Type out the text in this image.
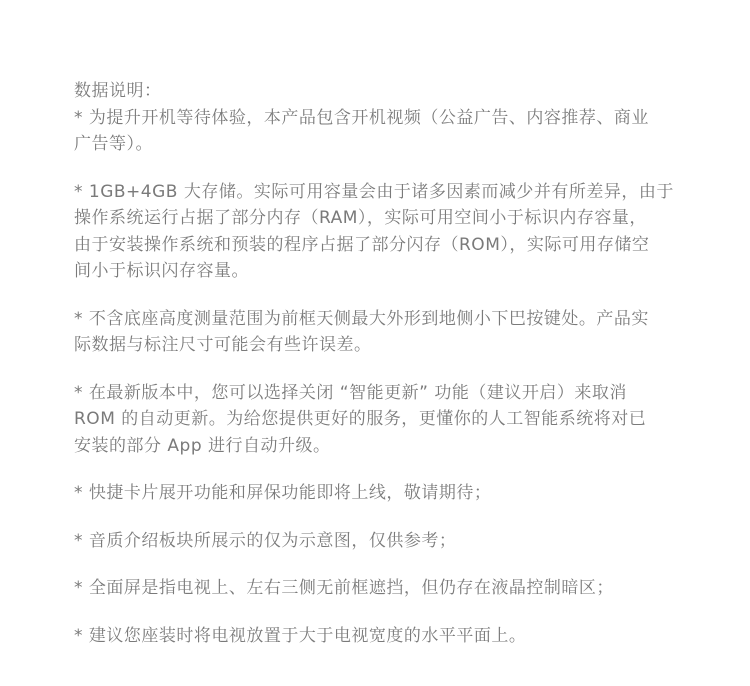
数据说明：

* 为提升开机等待体验，本产品包含开机视频（公益广告、内容推荐、商业
广告等）。

* 1GB+4GB 大存储。实际可用容量会由于诸多因素而减少并有所差异，由于
操作系统运行占据了部分内存（RAM），实际可用空间小于标识内存容量，
由于安装操作系统和预装的程序占据了部分闪存（ROM），实际可用存储空
间小于标识闪存容量。

* 不含底座高度测量范围为前框天侧最大外形到地侧小下巴按键处。产品实
际数据与标注尺寸可能会有些许误差。

* 在最新版本中，您可以选择关闭 “智能更新” 功能（建议开启）来取消
ROM 的自动更新。为给您提供更好的服务，更懂你的人工智能系统将对已
安装的部分 App 进行自动升级。

* 快捷卡片展开功能和屏保功能即将上线，敬请期待；

* 音质介绍板块所展示的仅为示意图，仅供参考；

* 全面屏是指电视上、左右三侧无前框遮挡，但仍存在液晶控制暗区；

* 建议您座装时将电视放置于大于电视宽度的水平平面上。
